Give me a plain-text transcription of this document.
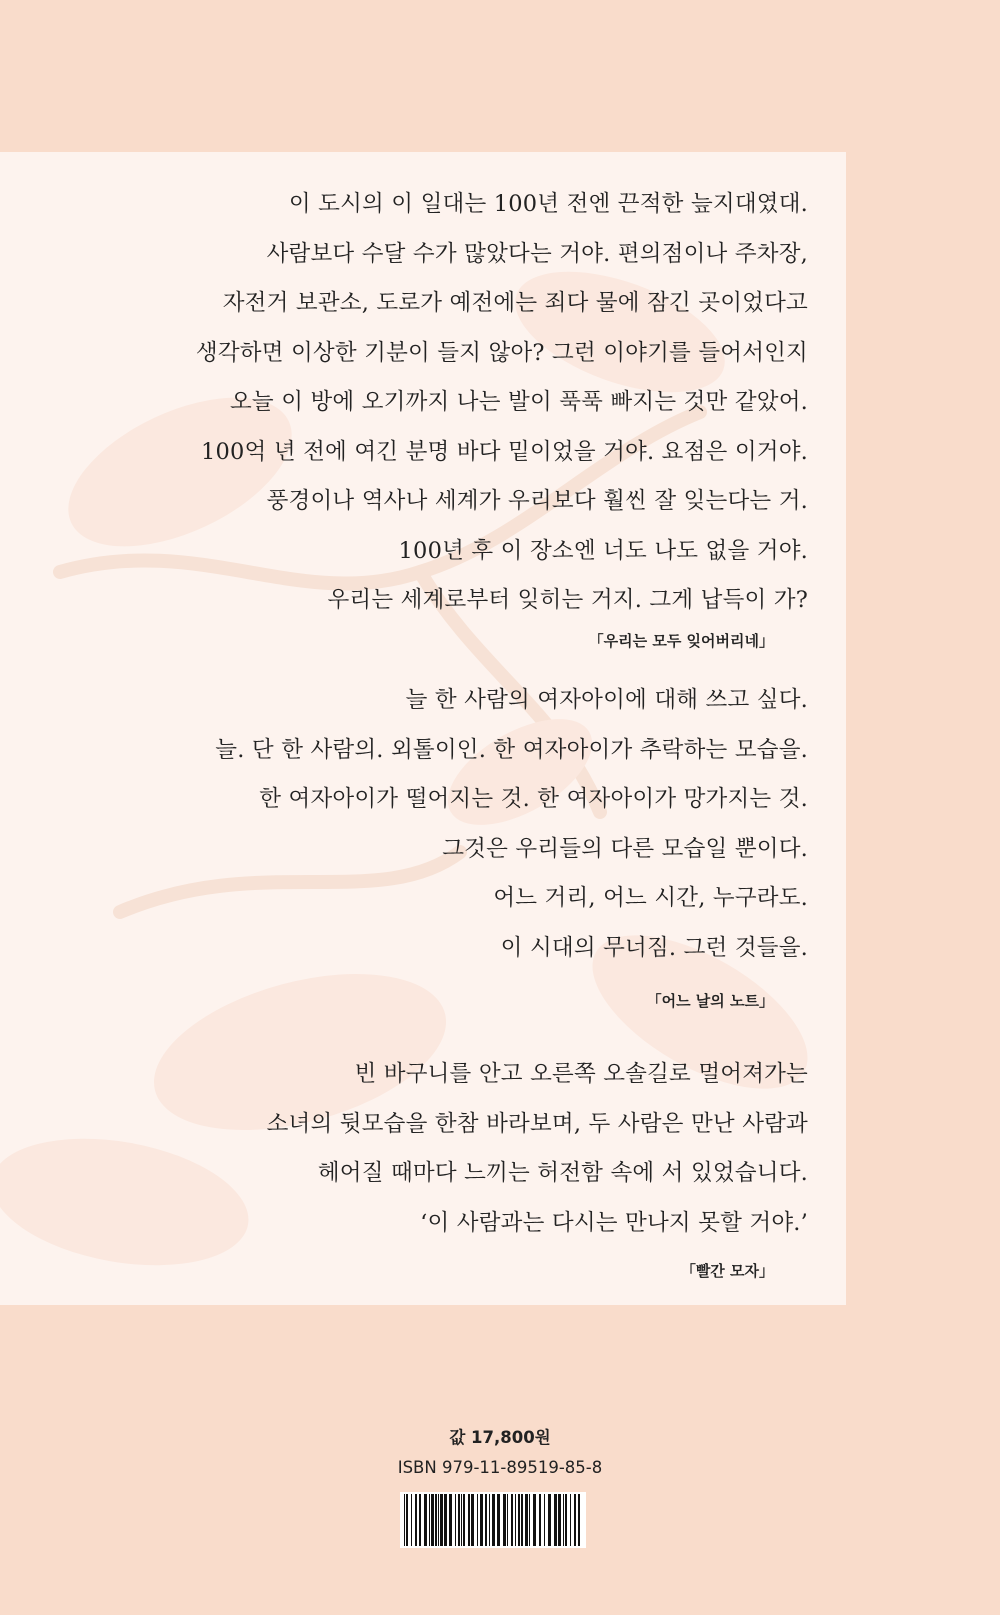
이 도시의 이 일대는 100년 전엔 끈적한 늪지대였대.

사람보다 수달 수가 많았다는 거야. 편의점이나 주차장,

자전거 보관소, 도로가 예전에는 죄다 물에 잠긴 곳이었다고

생각하면 이상한 기분이 들지 않아? 그런 이야기를 들어서인지

오늘 이 방에 오기까지 나는 발이 푹푹 빠지는 것만 같았어.

100억 년 전에 여긴 분명 바다 밑이었을 거야. 요점은 이거야.

풍경이나 역사나 세계가 우리보다 훨씬 잘 잊는다는 거.

100년 후 이 장소엔 너도 나도 없을 거야.

우리는 세계로부터 잊히는 거지. 그게 납득이 가?

「우리는 모두 잊어버리네」

늘 한 사람의 여자아이에 대해 쓰고 싶다.

늘. 단 한 사람의. 외톨이인. 한 여자아이가 추락하는 모습을.

한 여자아이가 떨어지는 것. 한 여자아이가 망가지는 것.

그것은 우리들의 다른 모습일 뿐이다.

어느 거리, 어느 시간, 누구라도.

이 시대의 무너짐. 그런 것들을.

「어느 날의 노트」

빈 바구니를 안고 오른쪽 오솔길로 멀어져가는

소녀의 뒷모습을 한참 바라보며, 두 사람은 만난 사람과

헤어질 때마다 느끼는 허전함 속에 서 있었습니다.

‘이 사람과는 다시는 만나지 못할 거야.’

「빨간 모자」
값 17,800원
ISBN 979-11-89519-85-8
